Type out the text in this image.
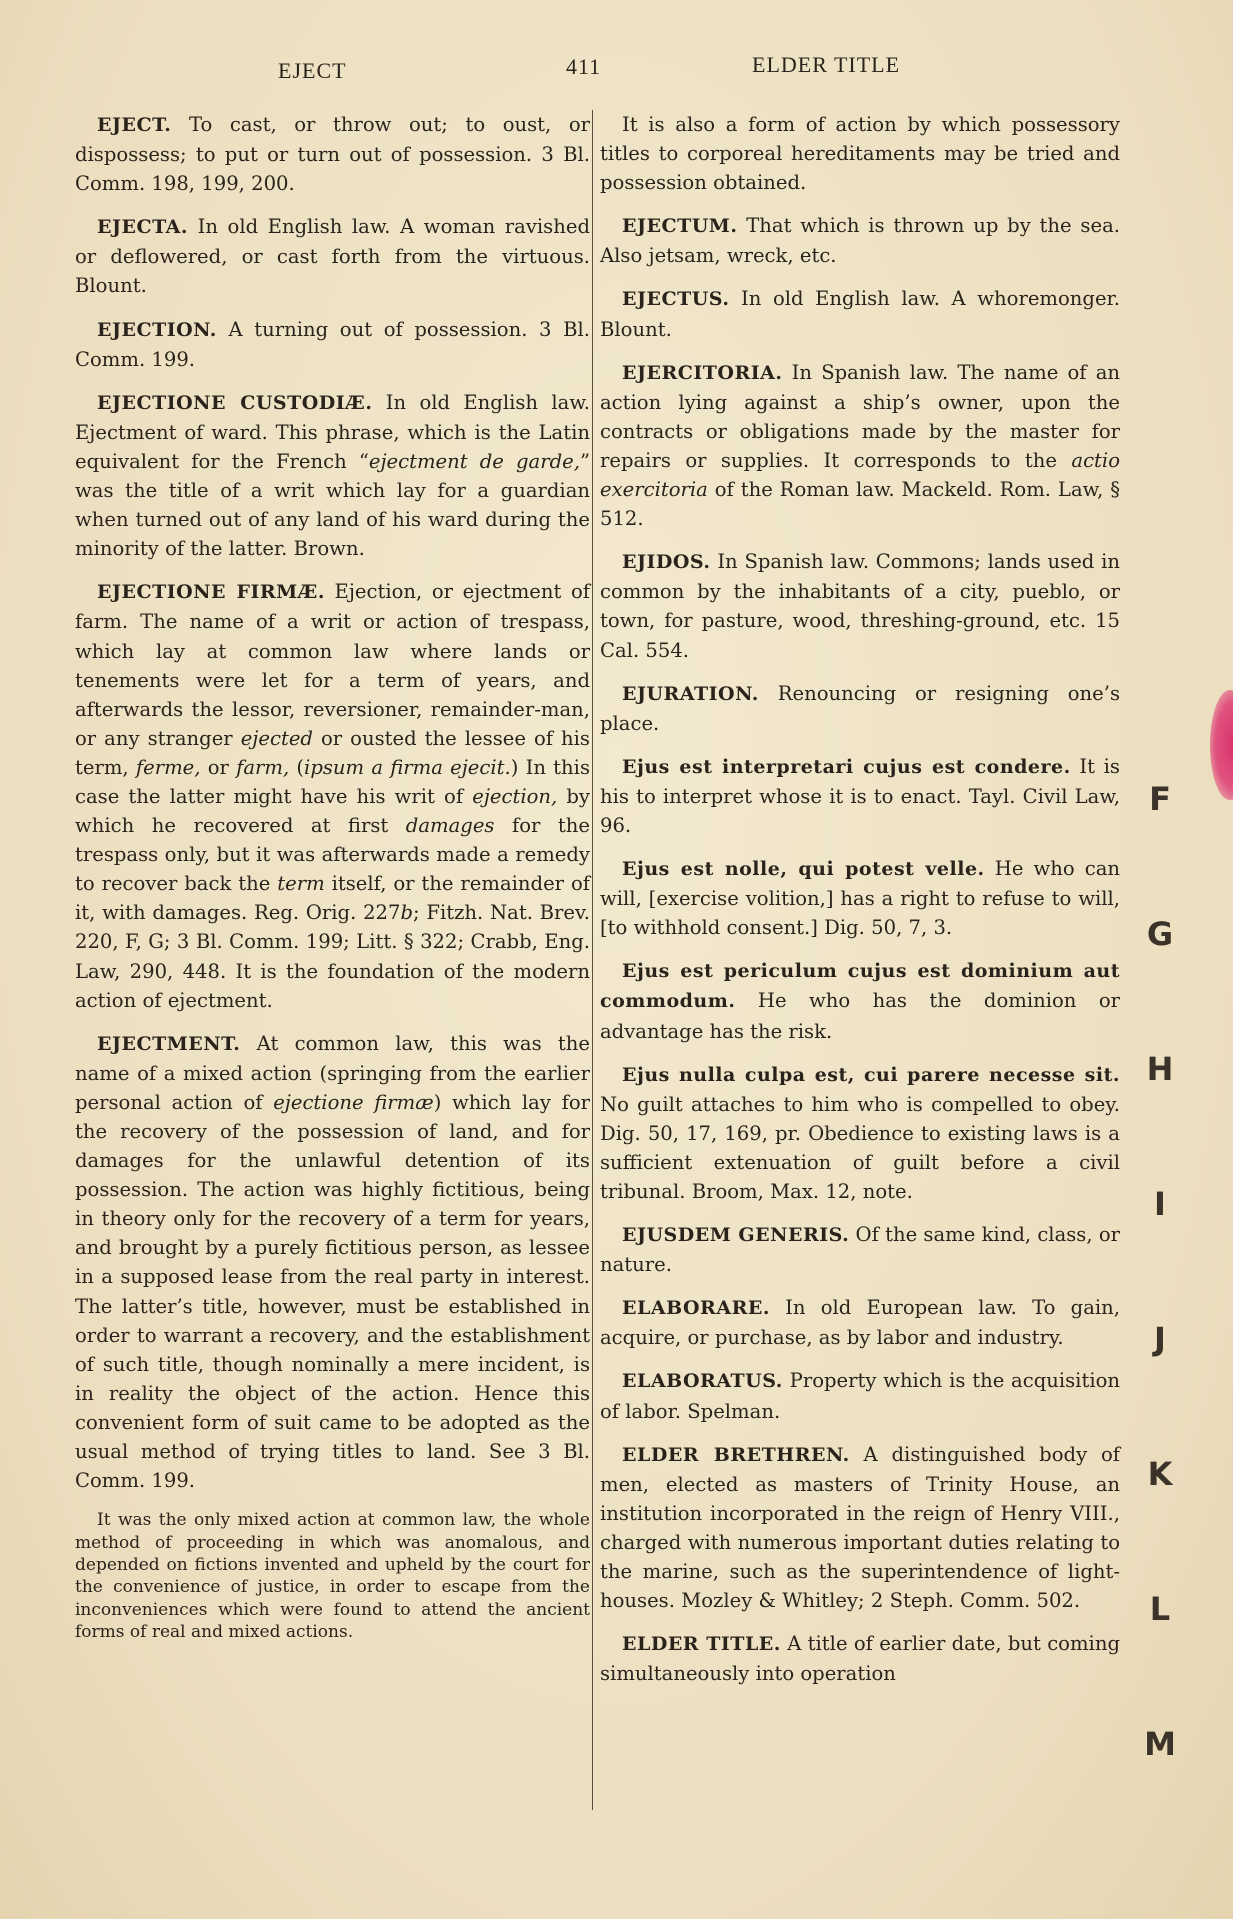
EJECT	411	ELDER TITLE

EJECT. To cast, or throw out; to oust, or dispossess; to put or turn out of possession. 3 Bl. Comm. 198, 199, 200.

EJECTA. In old English law. A woman ravished or deflowered, or cast forth from the virtuous. Blount.

EJECTION. A turning out of possession. 3 Bl. Comm. 199.

EJECTIONE CUSTODIÆ. In old English law. Ejectment of ward. This phrase, which is the Latin equivalent for the French “ejectment de garde,” was the title of a writ which lay for a guardian when turned out of any land of his ward during the minority of the latter. Brown.

EJECTIONE FIRMÆ. Ejection, or ejectment of farm. The name of a writ or action of trespass, which lay at common law where lands or tenements were let for a term of years, and afterwards the lessor, reversioner, remainder-man, or any stranger ejected or ousted the lessee of his term, ferme, or farm, (ipsum a firma ejecit.) In this case the latter might have his writ of ejection, by which he recovered at first damages for the trespass only, but it was afterwards made a remedy to recover back the term itself, or the remainder of it, with damages. Reg. Orig. 227b; Fitzh. Nat. Brev. 220, F, G; 3 Bl. Comm. 199; Litt. § 322; Crabb, Eng. Law, 290, 448. It is the foundation of the modern action of ejectment.

EJECTMENT. At common law, this was the name of a mixed action (springing from the earlier personal action of ejectione firmæ) which lay for the recovery of the possession of land, and for damages for the unlawful detention of its possession. The action was highly fictitious, being in theory only for the recovery of a term for years, and brought by a purely fictitious person, as lessee in a supposed lease from the real party in interest. The latter’s title, however, must be established in order to warrant a recovery, and the establishment of such title, though nominally a mere incident, is in reality the object of the action. Hence this convenient form of suit came to be adopted as the usual method of trying titles to land. See 3 Bl. Comm. 199.

It was the only mixed action at common law, the whole method of proceeding in which was anomalous, and depended on fictions invented and upheld by the court for the convenience of justice, in order to escape from the inconveniences which were found to attend the ancient forms of real and mixed actions.

It is also a form of action by which possessory titles to corporeal hereditaments may be tried and possession obtained.

EJECTUM. That which is thrown up by the sea. Also jetsam, wreck, etc.

EJECTUS. In old English law. A whoremonger. Blount.

EJERCITORIA. In Spanish law. The name of an action lying against a ship’s owner, upon the contracts or obligations made by the master for repairs or supplies. It corresponds to the actio exercitoria of the Roman law. Mackeld. Rom. Law, § 512.

EJIDOS. In Spanish law. Commons; lands used in common by the inhabitants of a city, pueblo, or town, for pasture, wood, threshing-ground, etc. 15 Cal. 554.

EJURATION. Renouncing or resigning one’s place.

Ejus est interpretari cujus est condere. It is his to interpret whose it is to enact. Tayl. Civil Law, 96.

Ejus est nolle, qui potest velle. He who can will, [exercise volition,] has a right to refuse to will, [to withhold consent.] Dig. 50, 7, 3.

Ejus est periculum cujus est dominium aut commodum. He who has the dominion or advantage has the risk.

Ejus nulla culpa est, cui parere necesse sit. No guilt attaches to him who is compelled to obey. Dig. 50, 17, 169, pr. Obedience to existing laws is a sufficient extenuation of guilt before a civil tribunal. Broom, Max. 12, note.

EJUSDEM GENERIS. Of the same kind, class, or nature.

ELABORARE. In old European law. To gain, acquire, or purchase, as by labor and industry.

ELABORATUS. Property which is the acquisition of labor. Spelman.

ELDER BRETHREN. A distinguished body of men, elected as masters of Trinity House, an institution incorporated in the reign of Henry VIII., charged with numerous important duties relating to the marine, such as the superintendence of light-houses. Mozley & Whitley; 2 Steph. Comm. 502.

ELDER TITLE. A title of earlier date, but coming simultaneously into operation

F
G
H
I
J
K
L
M
